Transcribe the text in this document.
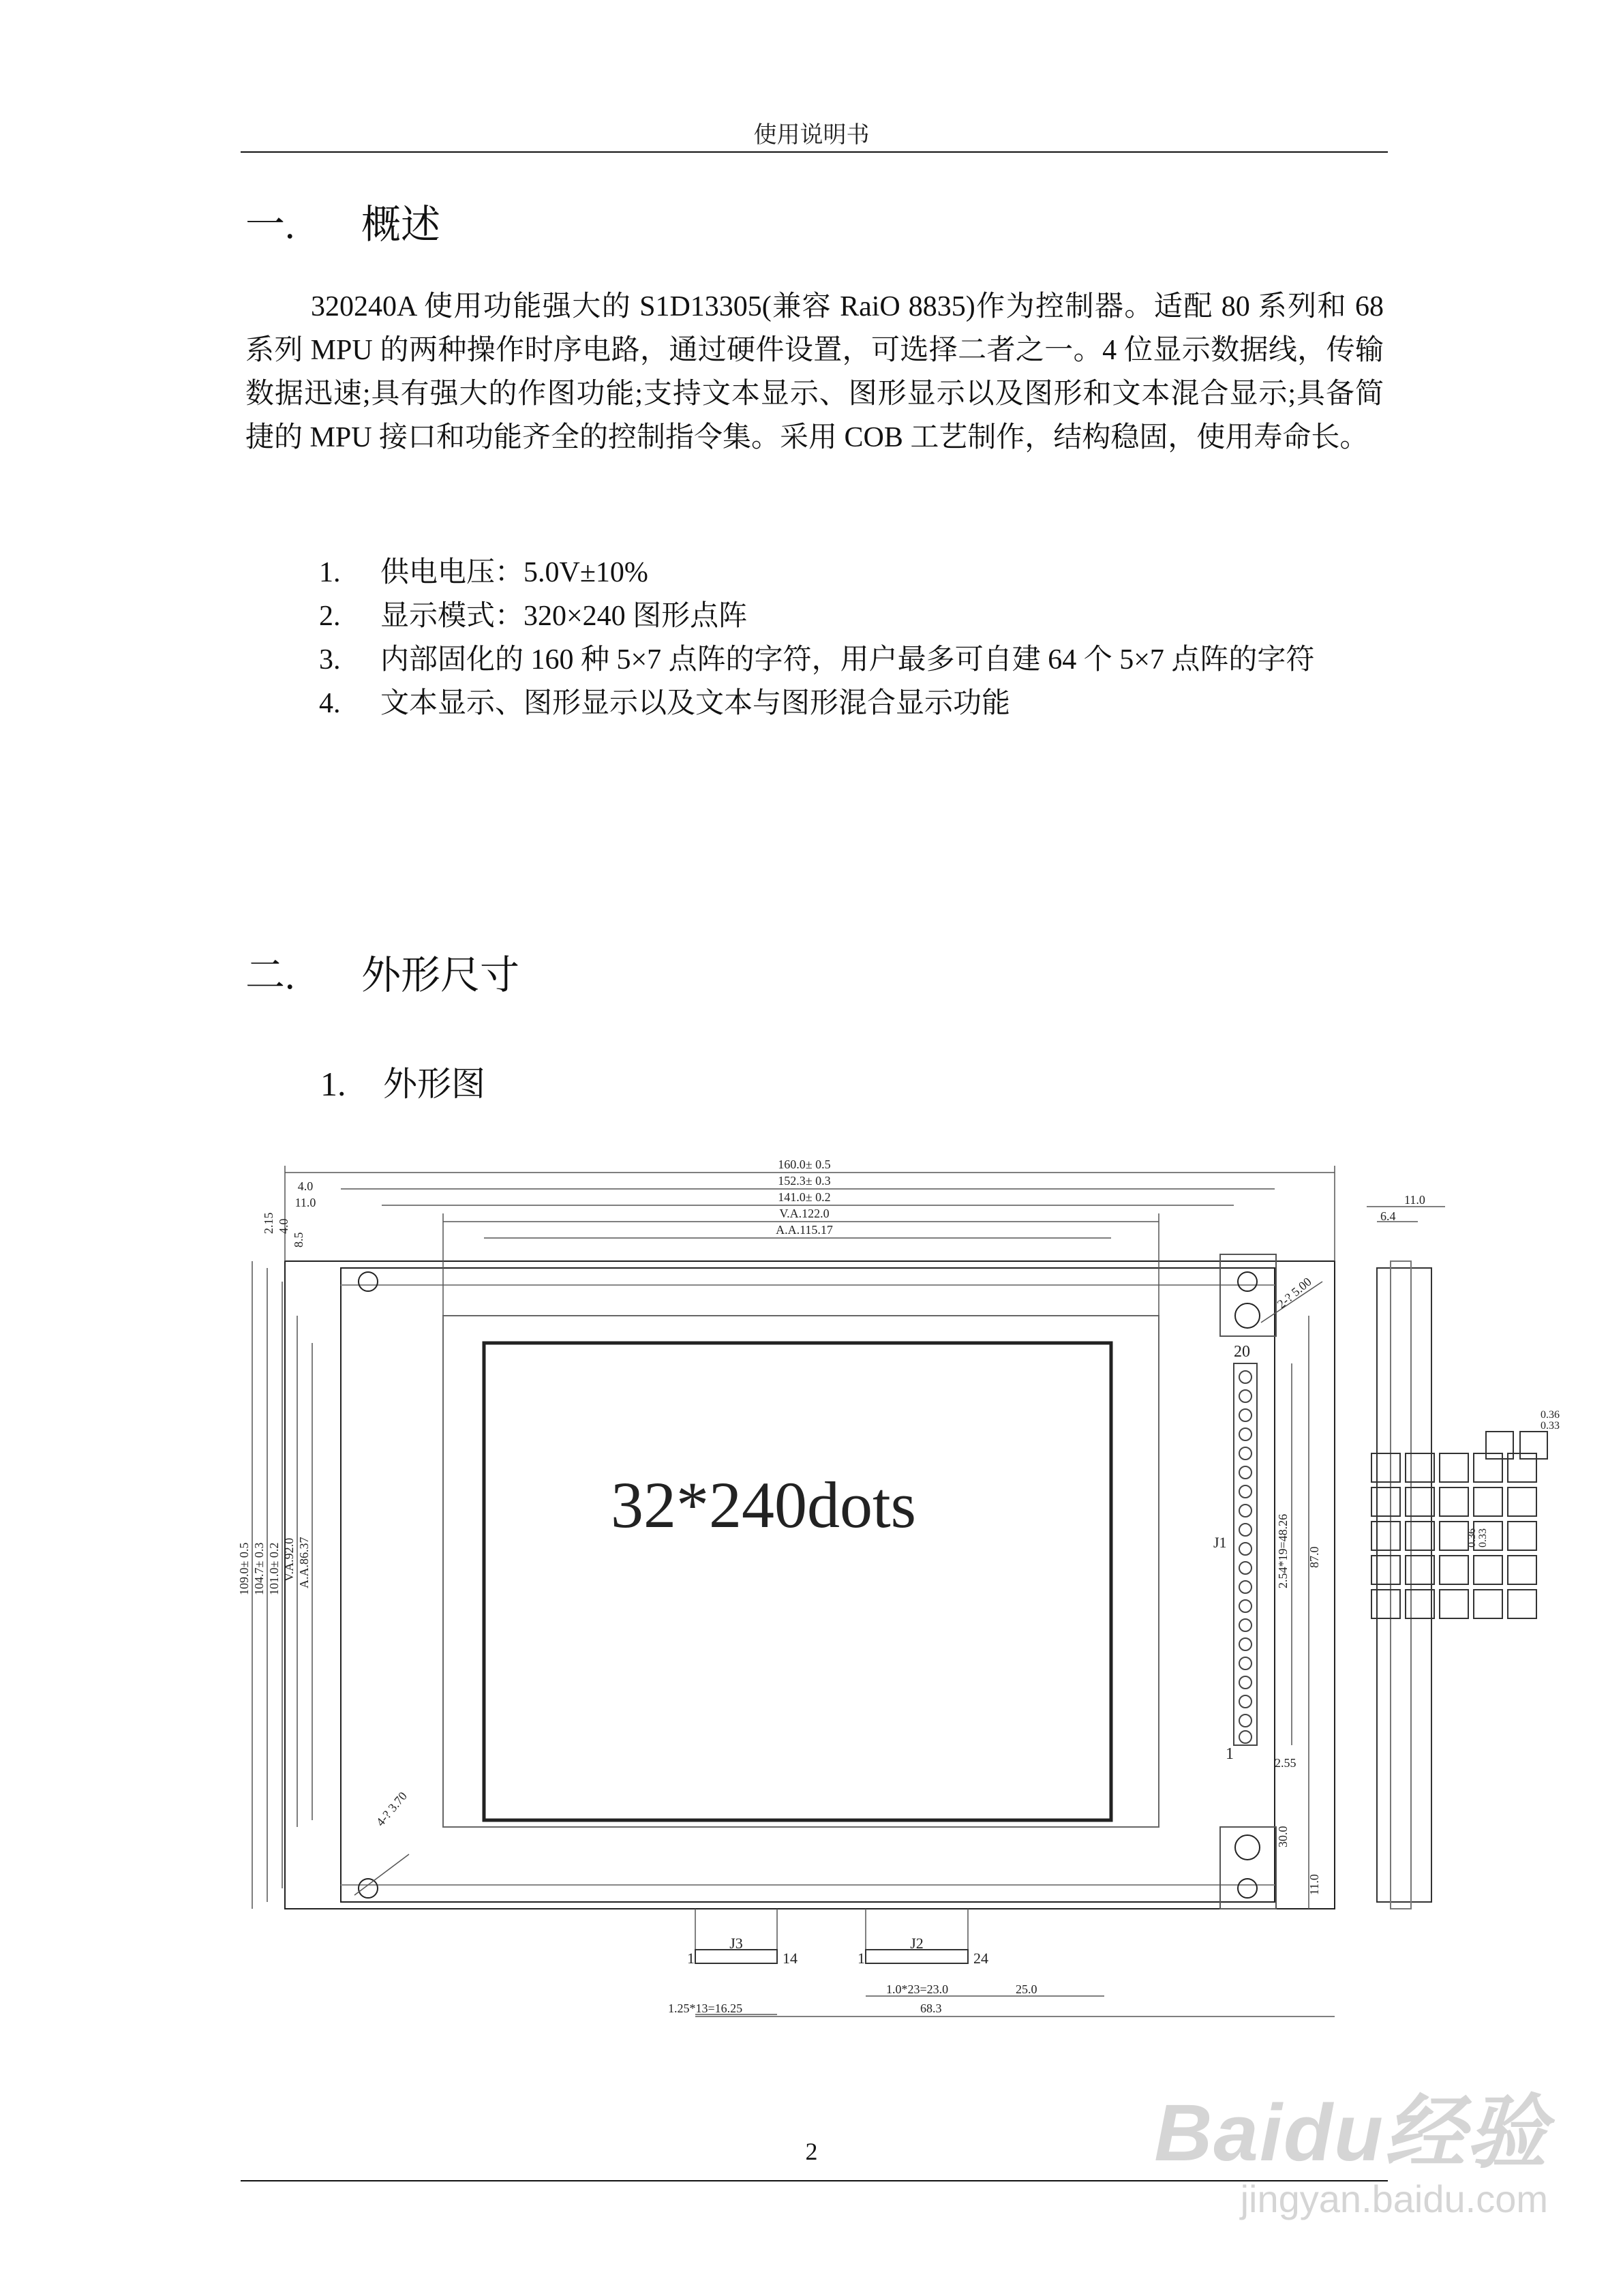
使用说明书
一. 概述
320240A 使用功能强大的 S1D13305(兼容 RaiO 8835)作为控制器。适配 80 系列和 68 系列 MPU 的两种操作时序电路，通过硬件设置，可选择二者之一。4 位显示数据线，传输数据迅速;具有强大的作图功能;支持文本显示、图形显示以及图形和文本混合显示;具备简捷的 MPU 接口和功能齐全的控制指令集。采用 COB 工艺制作，结构稳固，使用寿命长。
1. 供电电压：5.0V±10%
2. 显示模式：320×240 图形点阵
3. 内部固化的 160 种 5×7 点阵的字符，用户最多可自建 64 个 5×7 点阵的字符
4. 文本显示、图形显示以及文本与图形混合显示功能
二. 外形尺寸
1. 外形图
160.0± 0.5
152.3± 0.3
141.0± 0.2
V.A.122.0
A.A.115.17
4.0
11.0
2.15 4.0
8.5
109.0± 0.5 104.7± 0.3 101.0± 0.2 V.A.92.0 A.A.86.37
2-? 5.00
4-? 3.70
J1
20
1
2.54*19=48.26
2.55
87.0
30.0
11.0
J3
1	14
1.25*13=16.25
J2
1	24
1.0*23=23.0	25.0
68.3
11.0
6.4
0.36
0.33
0.36 0.33
32*240dots
2	Baidu经验
jingyan.baidu.com
